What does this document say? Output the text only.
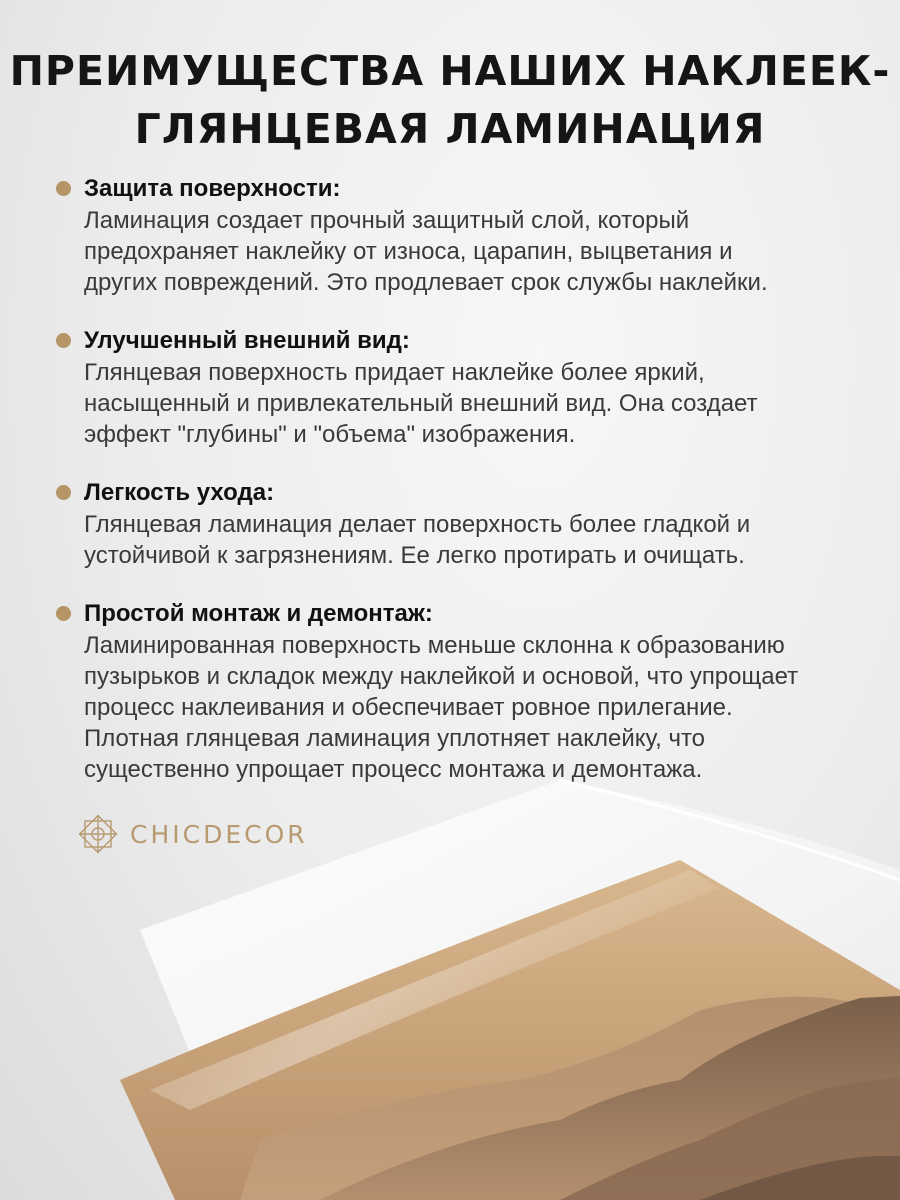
ПРЕИМУЩЕСТВА НАШИХ НАКЛЕЕК-
ГЛЯНЦЕВАЯ ЛАМИНАЦИЯ
Защита поверхности:
Ламинация создает прочный защитный слой, который
предохраняет наклейку от износа, царапин, выцветания и
других повреждений. Это продлевает срок службы наклейки.
Улучшенный внешний вид:
Глянцевая поверхность придает наклейке более яркий,
насыщенный и привлекательный внешний вид. Она создает
эффект "глубины" и "объема" изображения.
Легкость ухода:
Глянцевая ламинация делает поверхность более гладкой и
устойчивой к загрязнениям. Ее легко протирать и очищать.
Простой монтаж и демонтаж:
Ламинированная поверхность меньше склонна к образованию
пузырьков и складок между наклейкой и основой, что упрощает
процесс наклеивания и обеспечивает ровное прилегание.
Плотная глянцевая ламинация уплотняет наклейку, что
существенно упрощает процесс монтажа и демонтажа.
CHICDECOR
